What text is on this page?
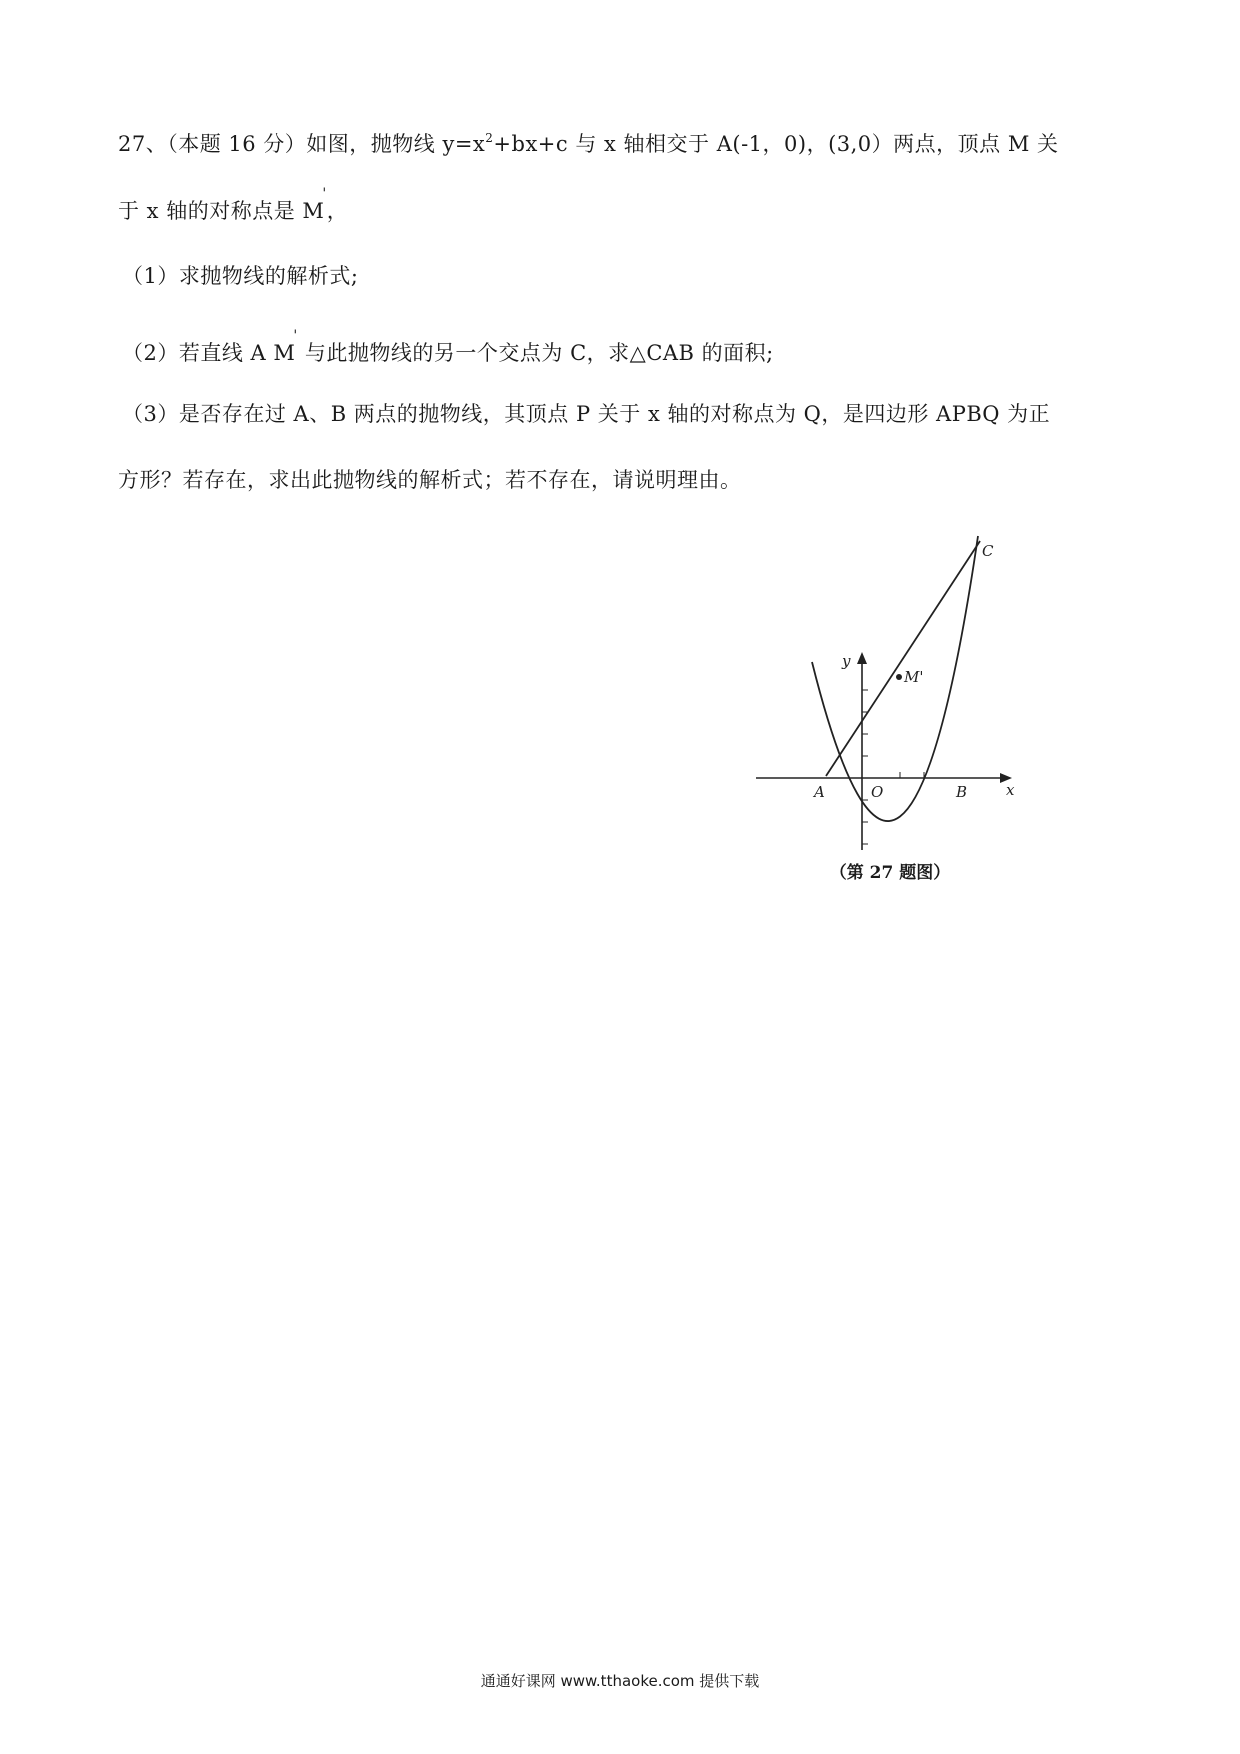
27、（本题 16 分）如图，抛物线 $y=x^2+bx+c$ 与 x 轴相交于 A(-1，0)，(3,0）两点，顶点 M 关
于 x 轴的对称点是 M'，
（1）求抛物线的解析式;
（2）若直线 A M' 与此抛物线的另一个交点为 C，求△CAB 的面积;
（3）是否存在过 A、B 两点的抛物线，其顶点 P 关于 x 轴的对称点为 Q，是四边形 APBQ 为正
方形？若存在，求出此抛物线的解析式；若不存在，请说明理由。
y
x
O
A	B
M'
C
（第 27 题图）
通通好课网 www.tthaoke.com 提供下载
